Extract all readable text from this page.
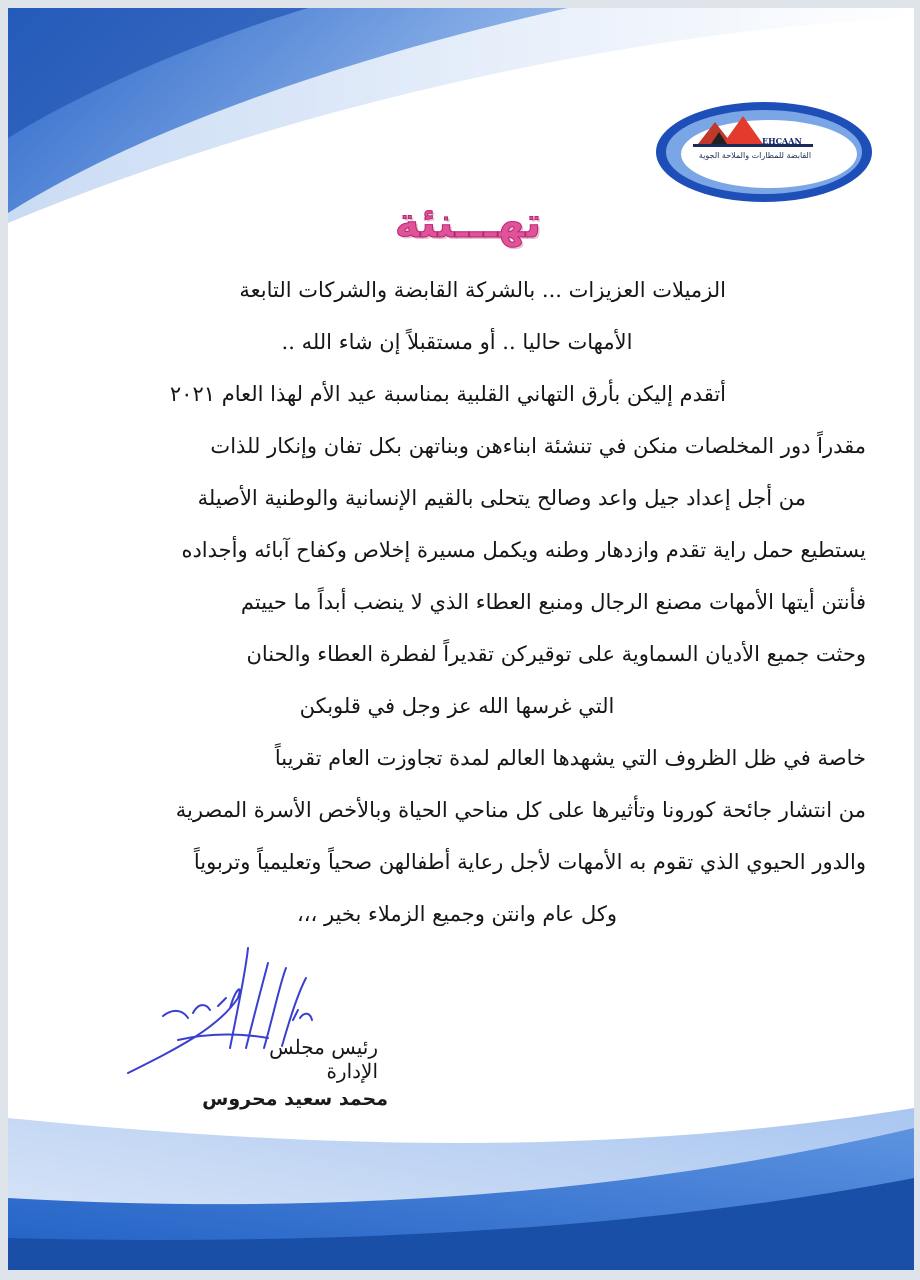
EHCAAN
القابضة للمطارات والملاحة الجوية
تهـــنئة
الزميلات العزيزات ... بالشركة القابضة والشركات التابعة
الأمهات حاليا .. أو مستقبلاً إن شاء الله ..
أتقدم إليكن بأرق التهاني القلبية بمناسبة عيد الأم لهذا العام ٢٠٢١
مقدراً دور المخلصات منكن في تنشئة ابناءهن وبناتهن بكل تفان وإنكار للذات
من أجل إعداد جيل واعد وصالح يتحلى بالقيم الإنسانية والوطنية الأصيلة
يستطيع حمل راية تقدم وازدهار وطنه ويكمل مسيرة إخلاص وكفاح آبائه وأجداده
فأنتن أيتها الأمهات مصنع الرجال ومنبع العطاء الذي لا ينضب أبداً ما حييتم
وحثت جميع الأديان السماوية على توقيركن تقديراً لفطرة العطاء والحنان
التي غرسها الله عز وجل في قلوبكن
خاصة في ظل الظروف التي يشهدها العالم لمدة تجاوزت العام تقريباً
من انتشار جائحة كورونا وتأثيرها على كل مناحي الحياة وبالأخص الأسرة المصرية
والدور الحيوي الذي تقوم به الأمهات لأجل رعاية أطفالهن صحياً وتعليمياً وتربوياً
وكل عام وانتن وجميع الزملاء بخير ،،،
رئيس مجلس الإدارة
محمد سعيد محروس
